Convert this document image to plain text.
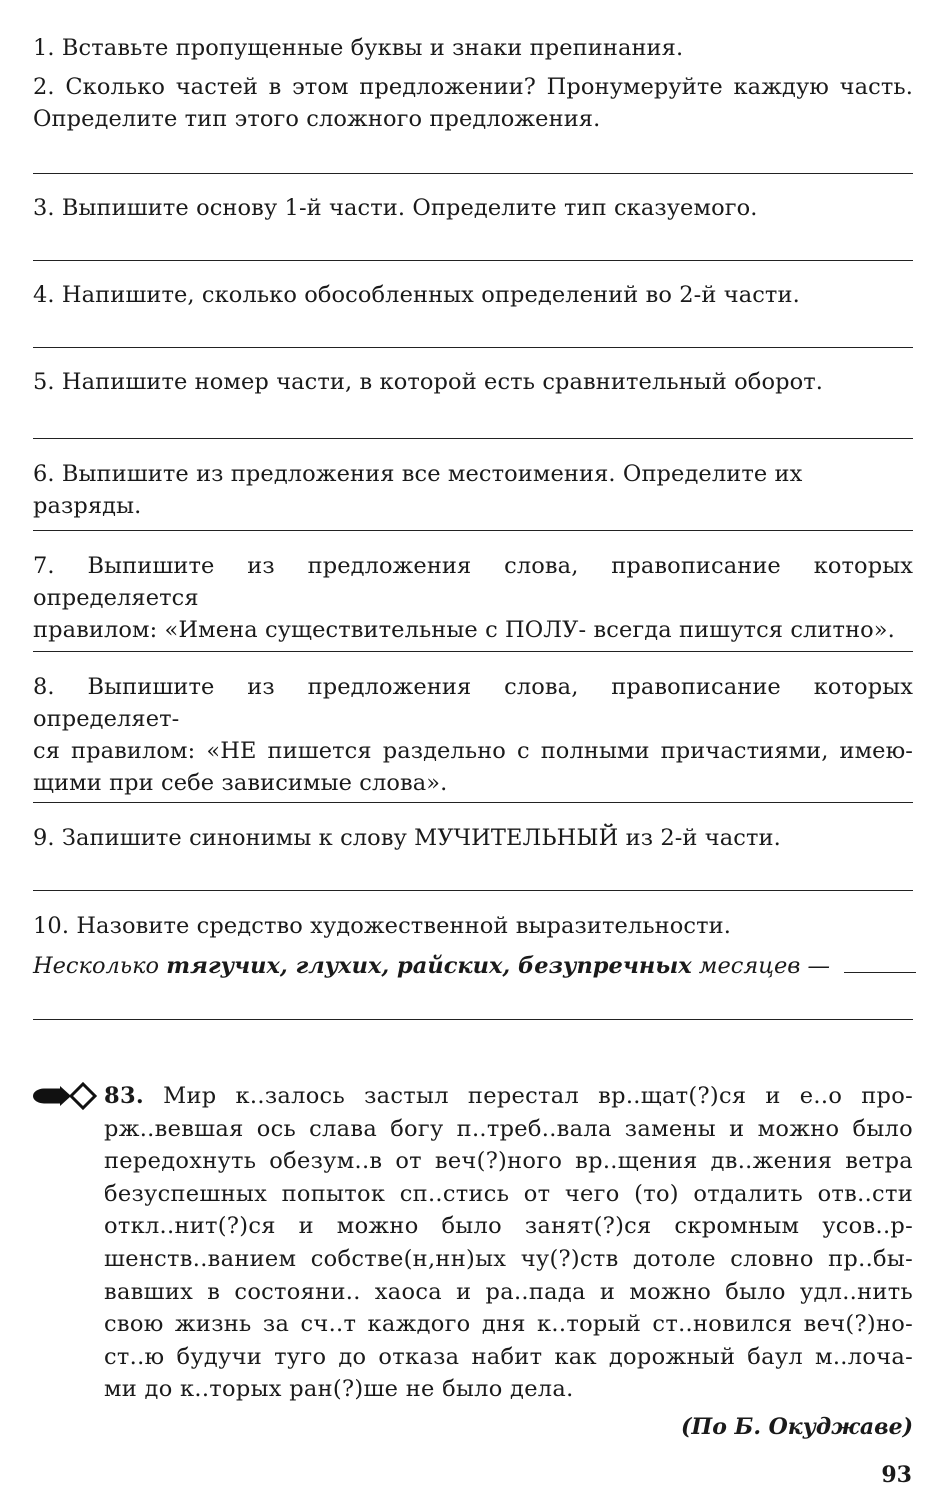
1. Вставьте пропущенные буквы и знаки препинания.
2. Сколько частей в этом предложении? Пронумеруйте каждую часть.
Определите тип этого сложного предложения.
3. Выпишите основу 1-й части. Определите тип сказуемого.
4. Напишите, сколько обособленных определений во 2-й части.
5. Напишите номер части, в которой есть сравнительный оборот.
6. Выпишите из предложения все местоимения. Определите их разряды.
7. Выпишите из предложения слова, правописание которых определяется
правилом: «Имена существительные с ПОЛУ- всегда пишутся слитно».
8. Выпишите из предложения слова, правописание которых определяет-
ся правилом: «НЕ пишется раздельно с полными причастиями, имею-
щими при себе зависимые слова».
9. Запишите синонимы к слову МУЧИТЕЛЬНЫЙ из 2-й части.
10. Назовите средство художественной выразительности.
Несколько тягучих, глухих, райских, безупречных месяцев —
83. Мир к..залось застыл перестал вр..щат(?)ся и е..о про-
рж..вевшая ось слава богу п..треб..вала замены и можно было
передохнуть обезум..в от веч(?)ного вр..щения дв..жения ветра
безуспешных попыток сп..стись от чего (то) отдалить отв..сти
откл..нит(?)ся и можно было занят(?)ся скромным усов..р-
шенств..ванием собстве(н,нн)ых чу(?)ств дотоле словно пр..бы-
вавших в состояни.. хаоса и ра..пада и можно было удл..нить
свою жизнь за сч..т каждого дня к..торый ст..новился веч(?)но-
ст..ю будучи туго до отказа набит как дорожный баул м..лоча-
ми до к..торых ран(?)ше не было дела.
(По Б. Окуджаве)
93
